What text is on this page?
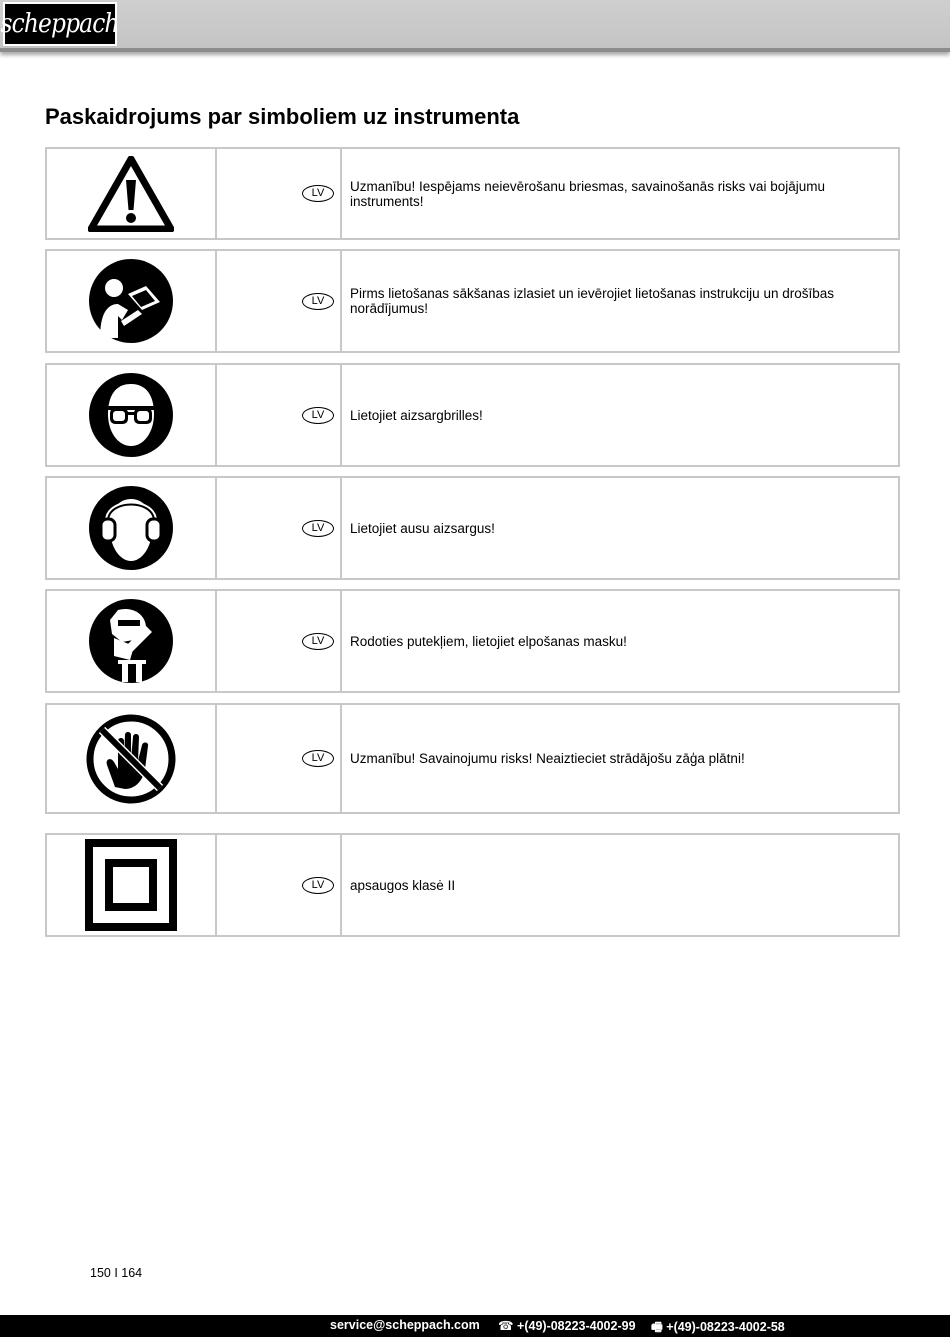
scheppach
Paskaidrojums par simboliem uz instrumenta
LV	Uzmanību! Iespējams neievērošanu briesmas, savainošanās risks vai bojājumu instruments!
LV	Pirms lietošanas sākšanas izlasiet un ievērojiet lietošanas instrukciju un drošības norādījumus!
LV	Lietojiet aizsargbrilles!
LV	Lietojiet ausu aizsargus!
LV	Rodoties putekļiem, lietojiet elpošanas masku!
LV	Uzmanību! Savainojumu risks! Neaiztieciet strādājošu zāģa plātni!
LV	apsaugos klasė II
150 I 164
service@scheppach.com ☎ +(49)-08223-4002-99 🖷 +(49)-08223-4002-58
